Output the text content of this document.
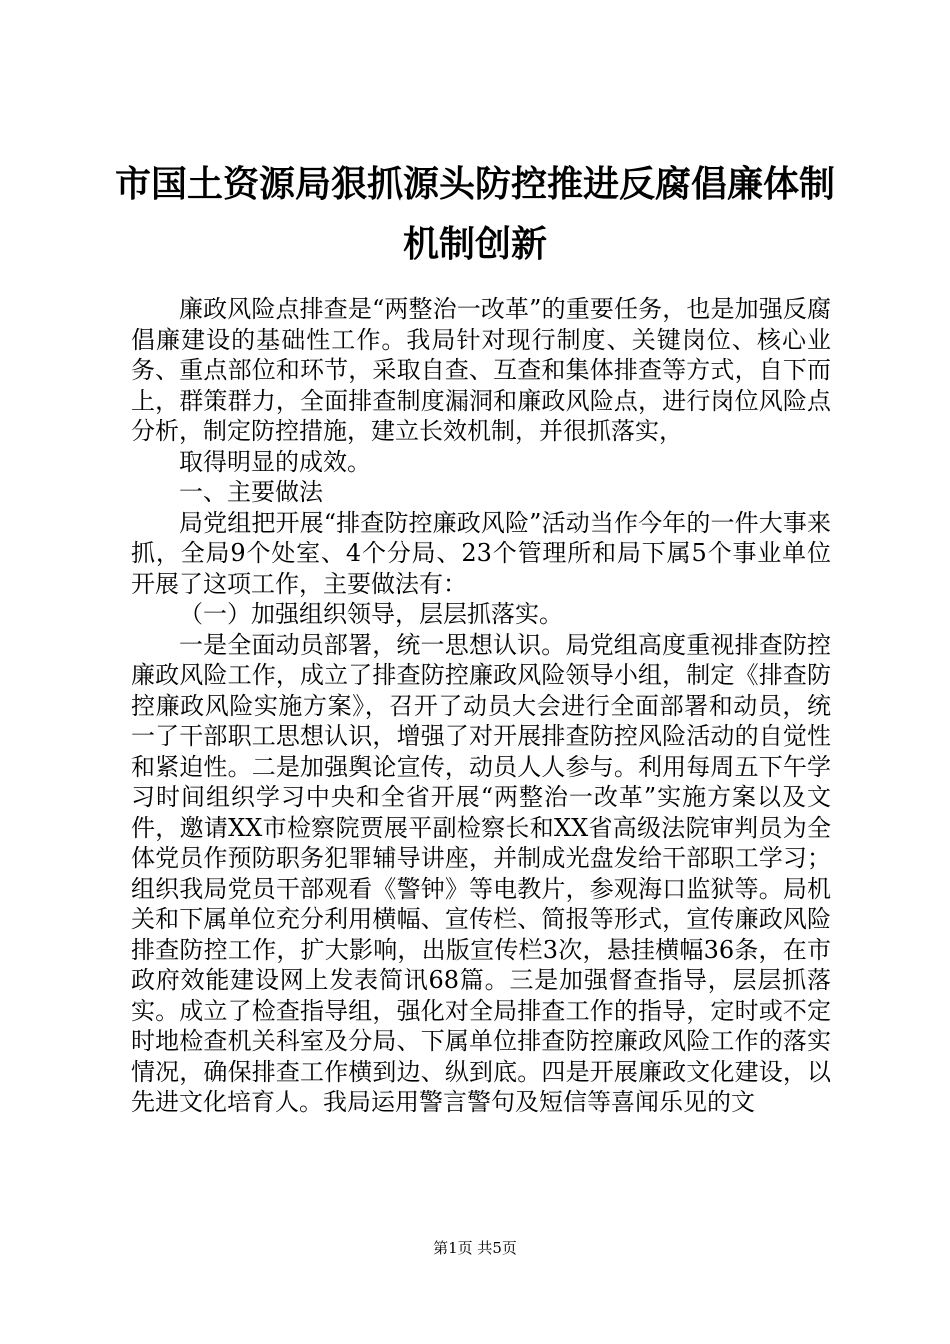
市国土资源局狠抓源头防控推进反腐倡廉体制
机制创新

廉政风险点排查是“两整治一改革”的重要任务，也是加强反腐倡廉建设的基础性工作。我局针对现行制度、关键岗位、核心业务、重点部位和环节，采取自查、互查和集体排查等方式，自下而上，群策群力，全面排查制度漏洞和廉政风险点，进行岗位风险点分析，制定防控措施，建立长效机制，并很抓落实，

取得明显的成效。

一、主要做法

局党组把开展“排查防控廉政风险”活动当作今年的一件大事来抓，全局9个处室、4个分局、23个管理所和局下属5个事业单位开展了这项工作，主要做法有：

（一）加强组织领导，层层抓落实。

一是全面动员部署，统一思想认识。局党组高度重视排查防控廉政风险工作，成立了排查防控廉政风险领导小组，制定《排查防控廉政风险实施方案》，召开了动员大会进行全面部署和动员，统一了干部职工思想认识，增强了对开展排查防控风险活动的自觉性和紧迫性。二是加强舆论宣传，动员人人参与。利用每周五下午学习时间组织学习中央和全省开展“两整治一改革”实施方案以及文件，邀请XX市检察院贾展平副检察长和XX省高级法院审判员为全体党员作预防职务犯罪辅导讲座，并制成光盘发给干部职工学习；组织我局党员干部观看《警钟》等电教片，参观海口监狱等。局机关和下属单位充分利用横幅、宣传栏、简报等形式，宣传廉政风险排查防控工作，扩大影响，出版宣传栏3次，悬挂横幅36条，在市政府效能建设网上发表简讯68篇。三是加强督查指导，层层抓落实。成立了检查指导组，强化对全局排查工作的指导，定时或不定时地检查机关科室及分局、下属单位排查防控廉政风险工作的落实情况，确保排查工作横到边、纵到底。四是开展廉政文化建设，以先进文化培育人。我局运用警言警句及短信等喜闻乐见的文

第1页 共5页
